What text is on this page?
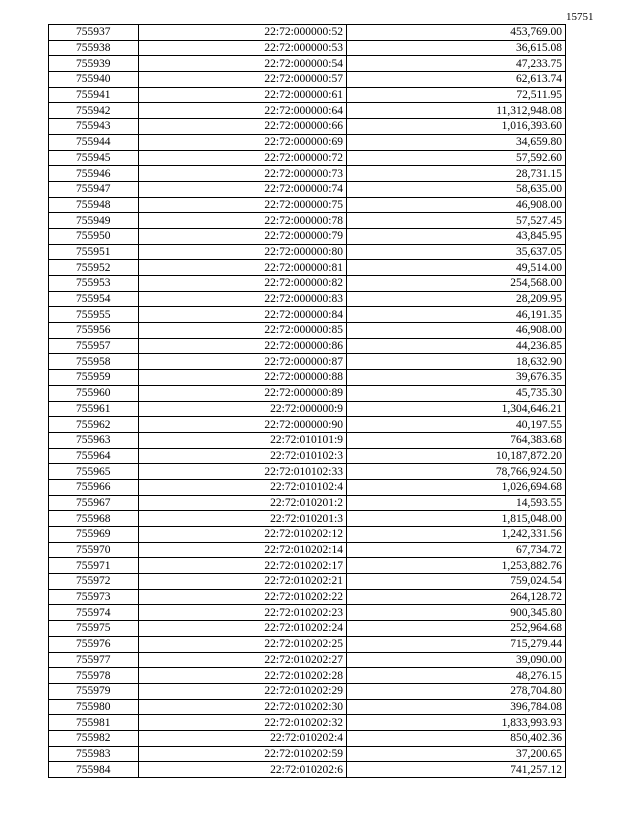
15751
755937	22:72:000000:52	453,769.00
755938	22:72:000000:53	36,615.08
755939	22:72:000000:54	47,233.75
755940	22:72:000000:57	62,613.74
755941	22:72:000000:61	72,511.95
755942	22:72:000000:64	11,312,948.08
755943	22:72:000000:66	1,016,393.60
755944	22:72:000000:69	34,659.80
755945	22:72:000000:72	57,592.60
755946	22:72:000000:73	28,731.15
755947	22:72:000000:74	58,635.00
755948	22:72:000000:75	46,908.00
755949	22:72:000000:78	57,527.45
755950	22:72:000000:79	43,845.95
755951	22:72:000000:80	35,637.05
755952	22:72:000000:81	49,514.00
755953	22:72:000000:82	254,568.00
755954	22:72:000000:83	28,209.95
755955	22:72:000000:84	46,191.35
755956	22:72:000000:85	46,908.00
755957	22:72:000000:86	44,236.85
755958	22:72:000000:87	18,632.90
755959	22:72:000000:88	39,676.35
755960	22:72:000000:89	45,735.30
755961	22:72:000000:9	1,304,646.21
755962	22:72:000000:90	40,197.55
755963	22:72:010101:9	764,383.68
755964	22:72:010102:3	10,187,872.20
755965	22:72:010102:33	78,766,924.50
755966	22:72:010102:4	1,026,694.68
755967	22:72:010201:2	14,593.55
755968	22:72:010201:3	1,815,048.00
755969	22:72:010202:12	1,242,331.56
755970	22:72:010202:14	67,734.72
755971	22:72:010202:17	1,253,882.76
755972	22:72:010202:21	759,024.54
755973	22:72:010202:22	264,128.72
755974	22:72:010202:23	900,345.80
755975	22:72:010202:24	252,964.68
755976	22:72:010202:25	715,279.44
755977	22:72:010202:27	39,090.00
755978	22:72:010202:28	48,276.15
755979	22:72:010202:29	278,704.80
755980	22:72:010202:30	396,784.08
755981	22:72:010202:32	1,833,993.93
755982	22:72:010202:4	850,402.36
755983	22:72:010202:59	37,200.65
755984	22:72:010202:6	741,257.12
